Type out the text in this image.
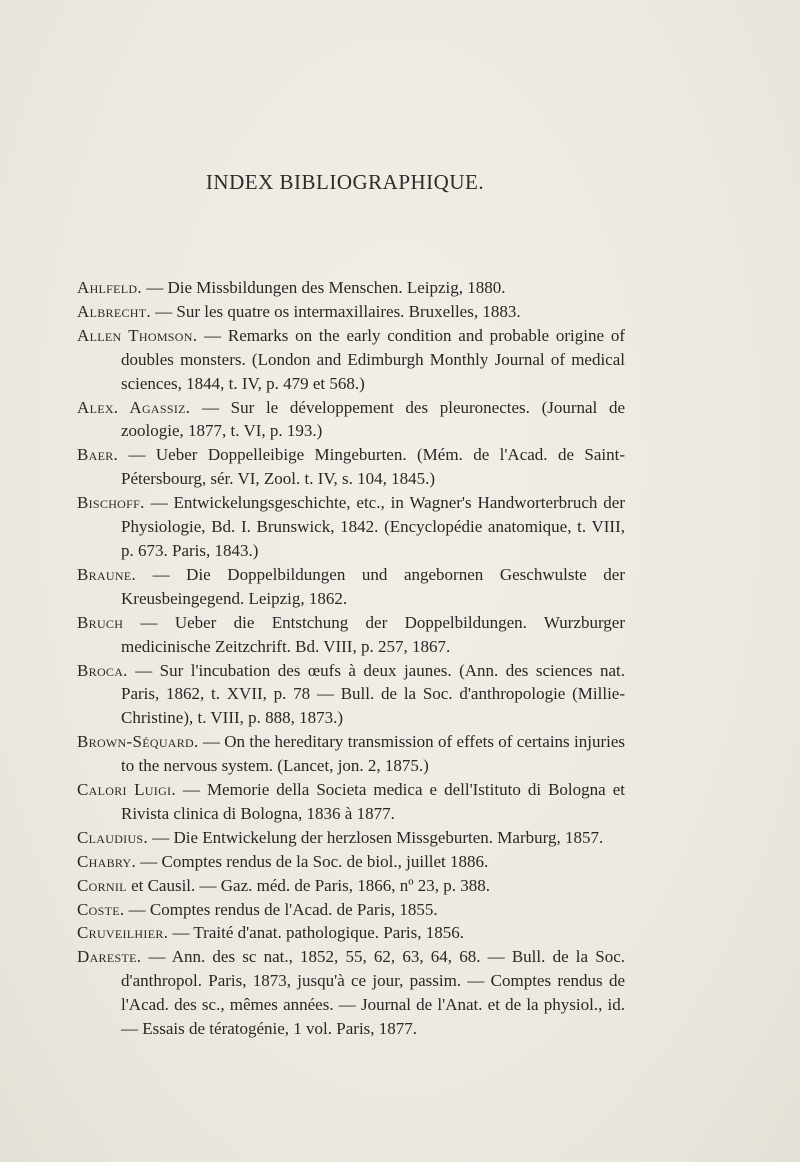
INDEX BIBLIOGRAPHIQUE.

Ahlfeld. — Die Missbildungen des Menschen. Leipzig, 1880.

Albrecht. — Sur les quatre os intermaxillaires. Bruxelles, 1883.

Allen Thomson. — Remarks on the early condition and probable origine of doubles monsters. (London and Edimburgh Monthly Journal of medical sciences, 1844, t. IV, p. 479 et 568.)

Alex. Agassiz. — Sur le développement des pleuronectes. (Journal de zoologie, 1877, t. VI, p. 193.)

Baer. — Ueber Doppelleibige Mingeburten. (Mém. de l'Acad. de Saint-Pétersbourg, sér. VI, Zool. t. IV, s. 104, 1845.)

Bischoff. — Entwickelungsgeschichte, etc., in Wagner's Handworterbruch der Physiologie, Bd. I. Brunswick, 1842. (Encyclopédie anatomique, t. VIII, p. 673. Paris, 1843.)

Braune. — Die Doppelbildungen und angebornen Geschwulste der Kreusbeingegend. Leipzig, 1862.

Bruch — Ueber die Entstchung der Doppelbildungen. Wurzburger medicinische Zeitzchrift. Bd. VIII, p. 257, 1867.

Broca. — Sur l'incubation des œufs à deux jaunes. (Ann. des sciences nat. Paris, 1862, t. XVII, p. 78 — Bull. de la Soc. d'anthropologie (Millie-Christine), t. VIII, p. 888, 1873.)

Brown-Séquard. — On the hereditary transmission of effets of certains injuries to the nervous system. (Lancet, jon. 2, 1875.)

Calori Luigi. — Memorie della Societa medica e dell'Istituto di Bologna et Rivista clinica di Bologna, 1836 à 1877.

Claudius. — Die Entwickelung der herzlosen Missgeburten. Marburg, 1857.

Chabry. — Comptes rendus de la Soc. de biol., juillet 1886.

Cornil et Causil. — Gaz. méd. de Paris, 1866, nº 23, p. 388.

Coste. — Comptes rendus de l'Acad. de Paris, 1855.

Cruveilhier. — Traité d'anat. pathologique. Paris, 1856.

Dareste. — Ann. des sc nat., 1852, 55, 62, 63, 64, 68. — Bull. de la Soc. d'anthropol. Paris, 1873, jusqu'à ce jour, passim. — Comptes rendus de l'Acad. des sc., mêmes années. — Journal de l'Anat. et de la physiol., id. — Essais de tératogénie, 1 vol. Paris, 1877.
